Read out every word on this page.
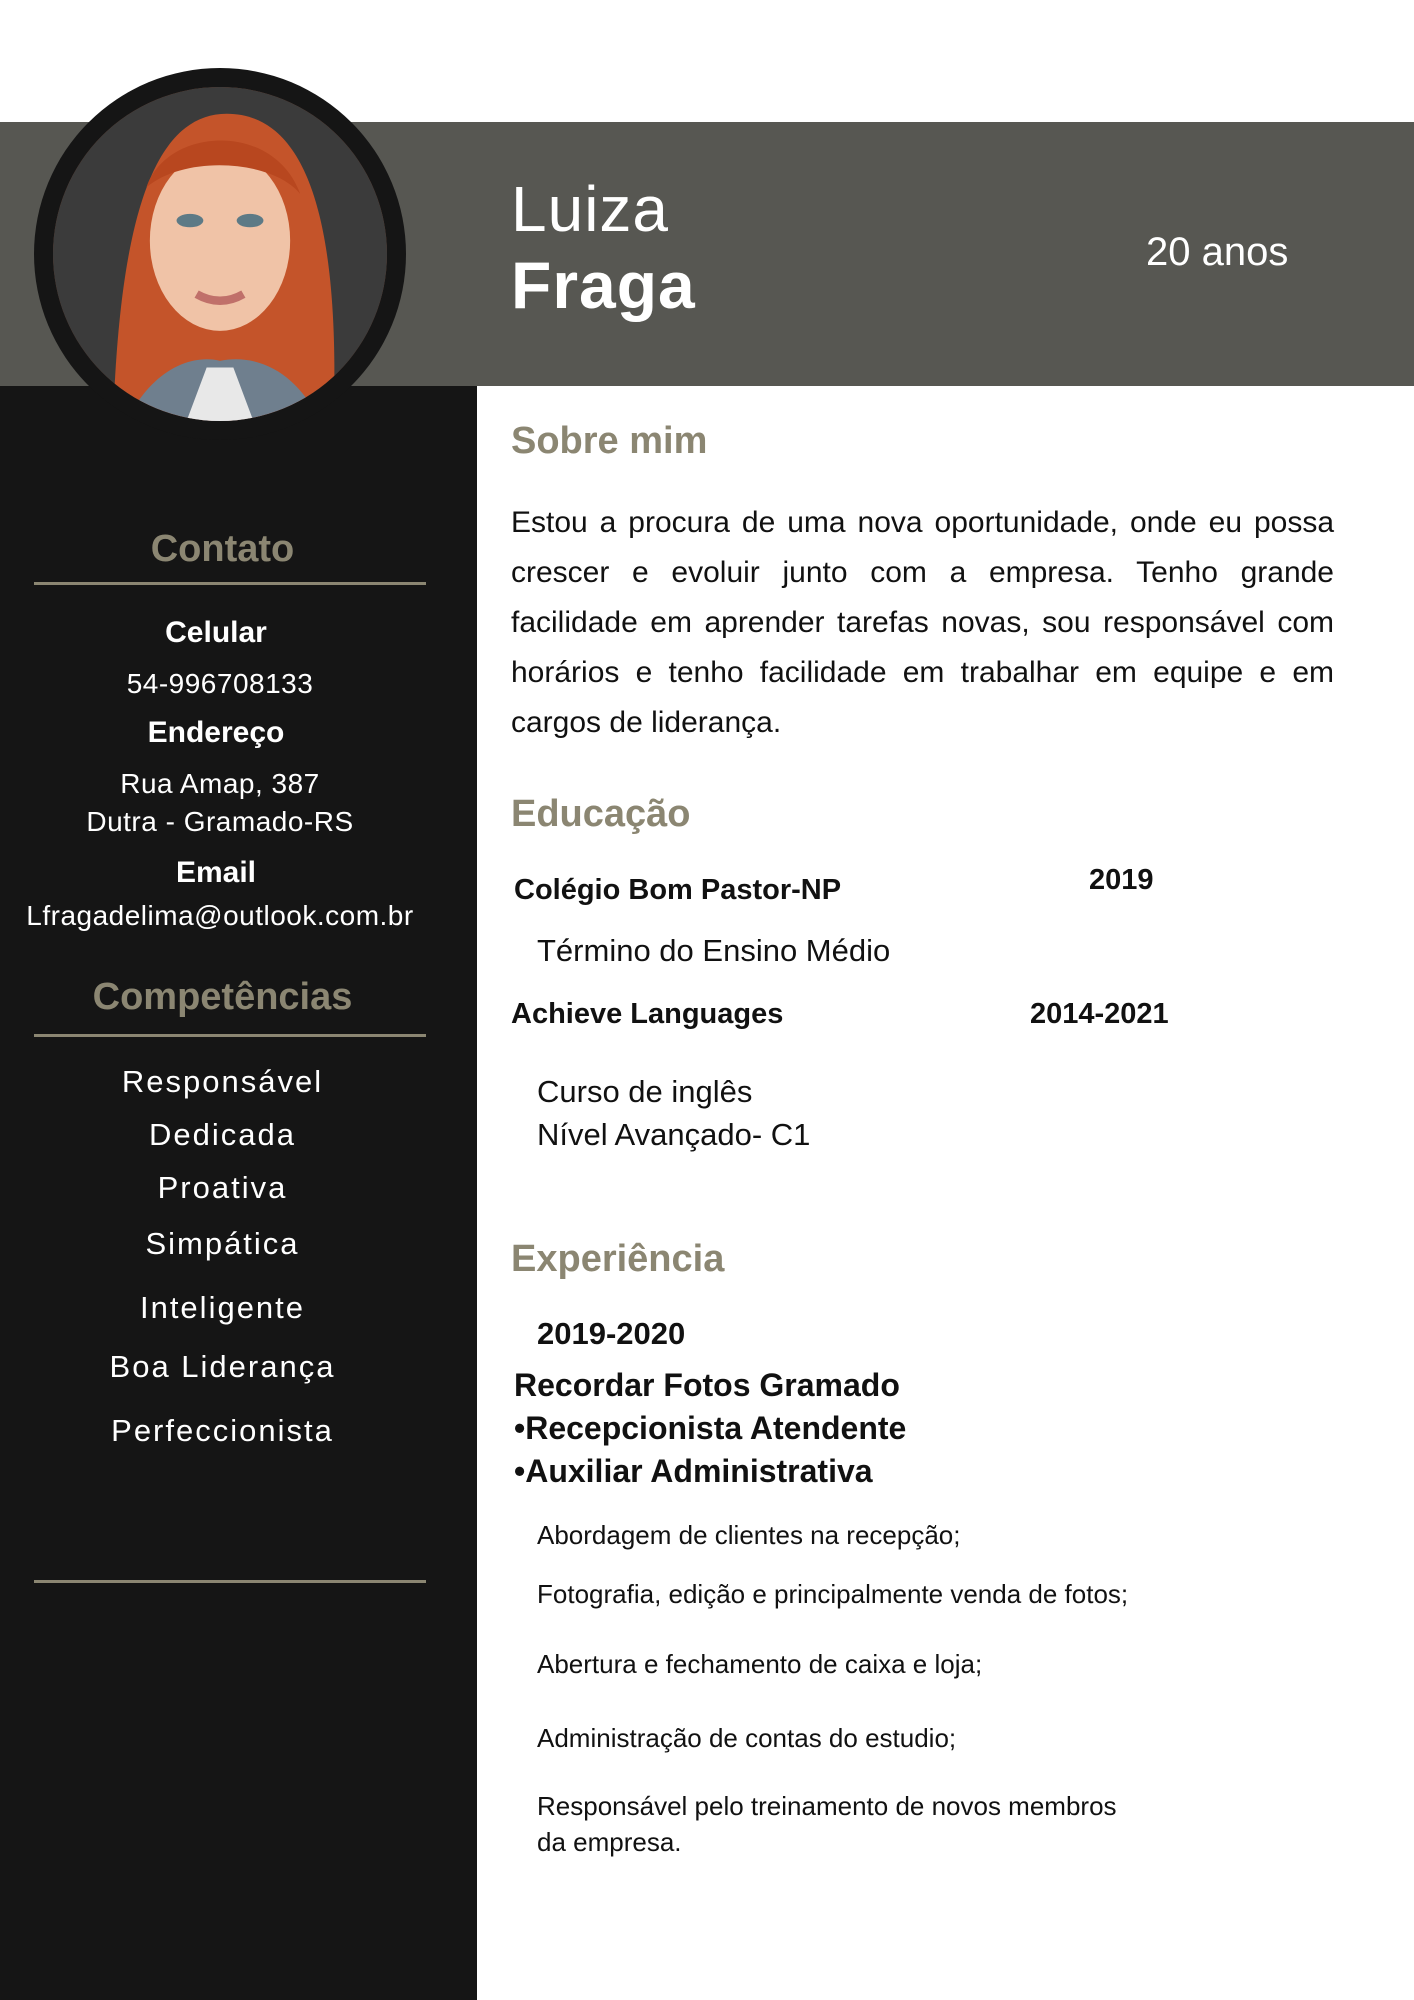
Luiza
Fraga	20 anos
Contato
Celular
54-996708133
Endereço
Rua Amap, 387
Dutra - Gramado-RS
Email
Lfragadelima@outlook.com.br
Competências
Responsável
Dedicada
Proativa
Simpática
Inteligente
Boa Liderança
Perfeccionista
Sobre mim
Estou a procura de uma nova oportunidade, onde eu possa crescer e evoluir junto com a empresa. Tenho grande facilidade em aprender tarefas novas, sou responsável com horários e tenho facilidade em trabalhar em equipe e em cargos de liderança.
Educação
Colégio Bom Pastor-NP	2019
Término do Ensino Médio
Achieve Languages	2014-2021
Curso de inglês
Nível Avançado- C1
Experiência
2019-2020
Recordar Fotos Gramado
•Recepcionista Atendente
•Auxiliar Administrativa
Abordagem de clientes na recepção;
Fotografia, edição e principalmente venda de fotos;
Abertura e fechamento de caixa e loja;
Administração de contas do estudio;
Responsável pelo treinamento de novos membros
da empresa.
